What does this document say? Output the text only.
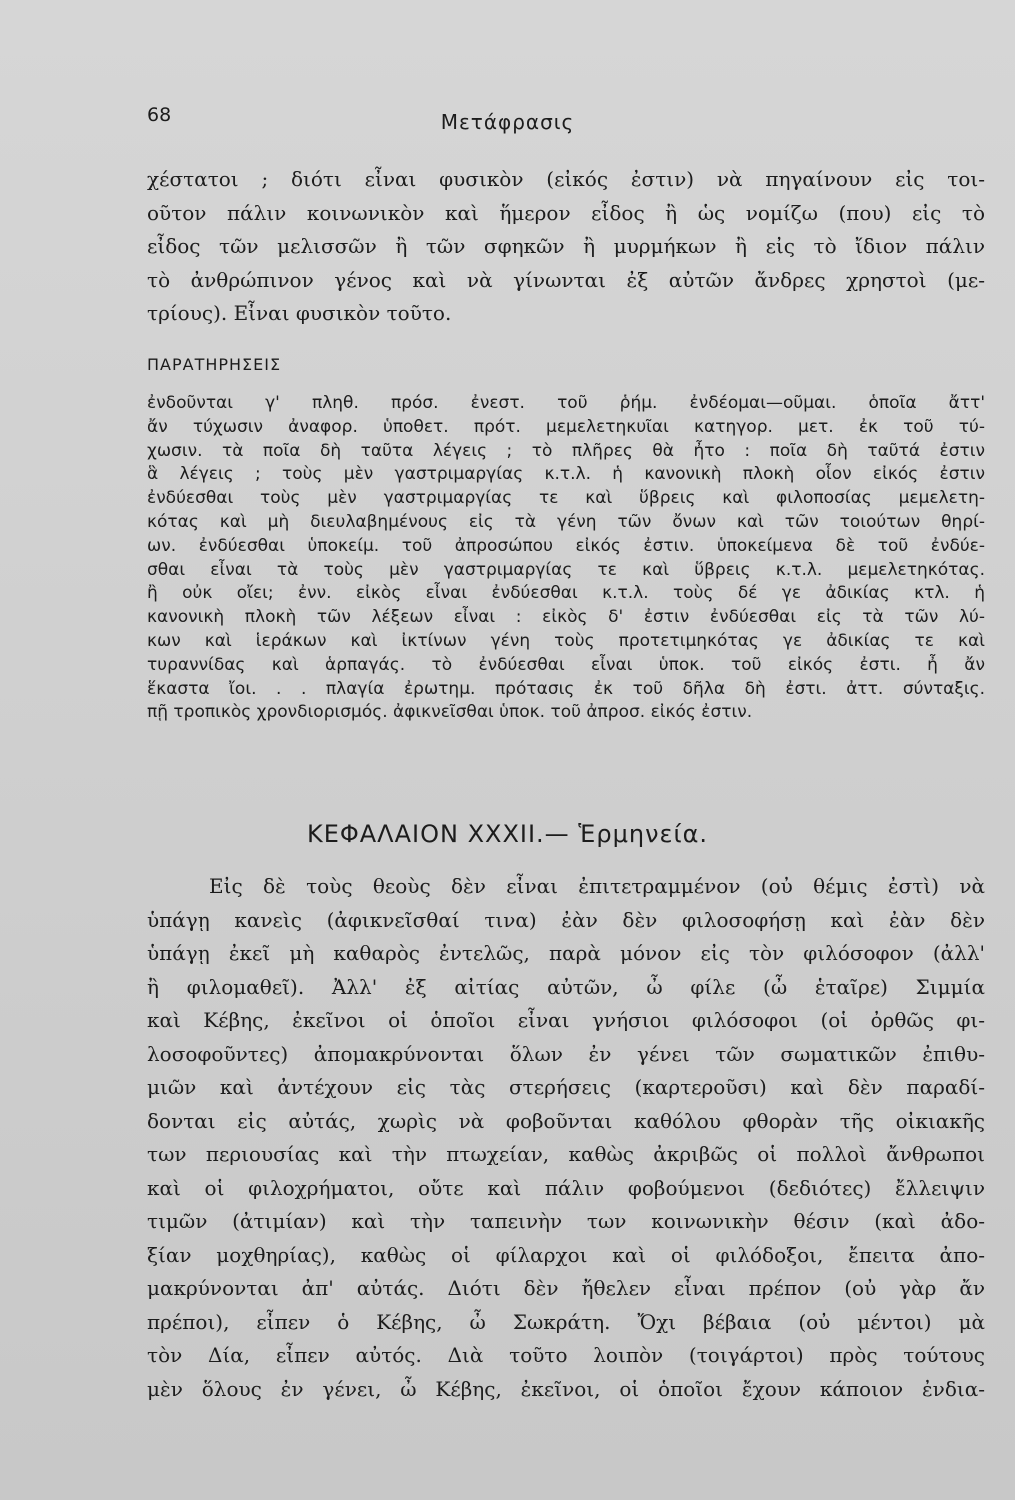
68	Μετάφρασις
χέστατοι ; διότι εἶναι φυσικὸν (εἰκός ἐστιν) νὰ πηγαίνουν εἰς τοι-
οῦτον πάλιν κοινωνικὸν καὶ ἥμερον εἶδος ἢ ὡς νομίζω (που) εἰς τὸ
εἶδος τῶν μελισσῶν ἢ τῶν σφηκῶν ἢ μυρμήκων ἢ εἰς τὸ ἴδιον πάλιν
τὸ ἀνθρώπινον γένος καὶ νὰ γίνωνται ἐξ αὐτῶν ἄνδρες χρηστοὶ (με-
τρίους). Εἶναι φυσικὸν τοῦτο.
ΠΑΡΑΤΗΡΗΣΕΙΣ
ἐνδοῦνται γ' πληθ. πρόσ. ἐνεστ. τοῦ ῥήμ. ἐνδέομαι—οῦμαι. ὁποῖα ἄττ'
ἄν τύχωσιν ἀναφορ. ὑποθετ. πρότ. μεμελετηκυῖαι κατηγορ. μετ. ἐκ τοῦ τύ-
χωσιν. τὰ ποῖα δὴ ταῦτα λέγεις ; τὸ πλῆρες θὰ ἦτο : ποῖα δὴ ταῦτά ἐστιν
ἃ λέγεις ; τοὺς μὲν γαστριμαργίας κ.τ.λ. ἡ κανονικὴ πλοκὴ οἷον εἰκός ἐστιν
ἐνδύεσθαι τοὺς μὲν γαστριμαργίας τε καὶ ὕβρεις καὶ φιλοποσίας μεμελετη-
κότας καὶ μὴ διευλαβημένους εἰς τὰ γένη τῶν ὄνων καὶ τῶν τοιούτων θηρί-
ων. ἐνδύεσθαι ὑποκείμ. τοῦ ἀπροσώπου εἰκός ἐστιν. ὑποκείμενα δὲ τοῦ ἐνδύε-
σθαι εἶναι τὰ τοὺς μὲν γαστριμαργίας τε καὶ ὕβρεις κ.τ.λ. μεμελετηκότας.
ἢ οὐκ οἴει; ἐνν. εἰκὸς εἶναι ἐνδύεσθαι κ.τ.λ. τοὺς δέ γε ἀδικίας κτλ. ἡ
κανονικὴ πλοκὴ τῶν λέξεων εἶναι : εἰκὸς δ' ἐστιν ἐνδύεσθαι εἰς τὰ τῶν λύ-
κων καὶ ἱεράκων καὶ ἰκτίνων γένη τοὺς προτετιμηκότας γε ἀδικίας τε καὶ
τυραννίδας καὶ ἁρπαγάς. τὸ ἐνδύεσθαι εἶναι ὑποκ. τοῦ εἰκός ἐστι. ἦ ἄν
ἕκαστα ἴοι. . . πλαγία ἐρωτημ. πρότασις ἐκ τοῦ δῆλα δὴ ἐστι. ἀττ. σύνταξις.
πῇ τροπικὸς χρονδιορισμός. ἀφικνεῖσθαι ὑποκ. τοῦ ἀπροσ. εἰκός ἐστιν.
ΚΕΦΑΛΑΙΟΝ XXXII.— Ἑρμηνεία.
Εἰς δὲ τοὺς θεοὺς δὲν εἶναι ἐπιτετραμμένον (οὐ θέμις ἐστὶ) νὰ
ὑπάγῃ κανεὶς (ἀφικνεῖσθαί τινα) ἐὰν δὲν φιλοσοφήσῃ καὶ ἐὰν δὲν
ὑπάγῃ ἐκεῖ μὴ καθαρὸς ἐντελῶς, παρὰ μόνον εἰς τὸν φιλόσοφον (ἀλλ'
ἢ φιλομαθεῖ). Ἀλλ' ἐξ αἰτίας αὐτῶν, ὦ φίλε (ὦ ἑταῖρε) Σιμμία
καὶ Κέβης, ἐκεῖνοι οἱ ὁποῖοι εἶναι γνήσιοι φιλόσοφοι (οἱ ὀρθῶς φι-
λοσοφοῦντες) ἀπομακρύνονται ὅλων ἐν γένει τῶν σωματικῶν ἐπιθυ-
μιῶν καὶ ἀντέχουν εἰς τὰς στερήσεις (καρτεροῦσι) καὶ δὲν παραδί-
δονται εἰς αὐτάς, χωρὶς νὰ φοβοῦνται καθόλου φθορὰν τῆς οἰκιακῆς
των περιουσίας καὶ τὴν πτωχείαν, καθὼς ἀκριβῶς οἱ πολλοὶ ἄνθρωποι
καὶ οἱ φιλοχρήματοι, οὔτε καὶ πάλιν φοβούμενοι (δεδιότες) ἔλλειψιν
τιμῶν (ἀτιμίαν) καὶ τὴν ταπεινὴν των κοινωνικὴν θέσιν (καὶ ἀδο-
ξίαν μοχθηρίας), καθὼς οἱ φίλαρχοι καὶ οἱ φιλόδοξοι, ἔπειτα ἀπο-
μακρύνονται ἀπ' αὐτάς. Διότι δὲν ἤθελεν εἶναι πρέπον (οὐ γὰρ ἄν
πρέποι), εἶπεν ὁ Κέβης, ὦ Σωκράτη. Ὄχι βέβαια (οὐ μέντοι) μὰ
τὸν Δία, εἶπεν αὐτός. Διὰ τοῦτο λοιπὸν (τοιγάρτοι) πρὸς τούτους
μὲν ὅλους ἐν γένει, ὦ Κέβης, ἐκεῖνοι, οἱ ὁποῖοι ἔχουν κάποιον ἐνδια-
